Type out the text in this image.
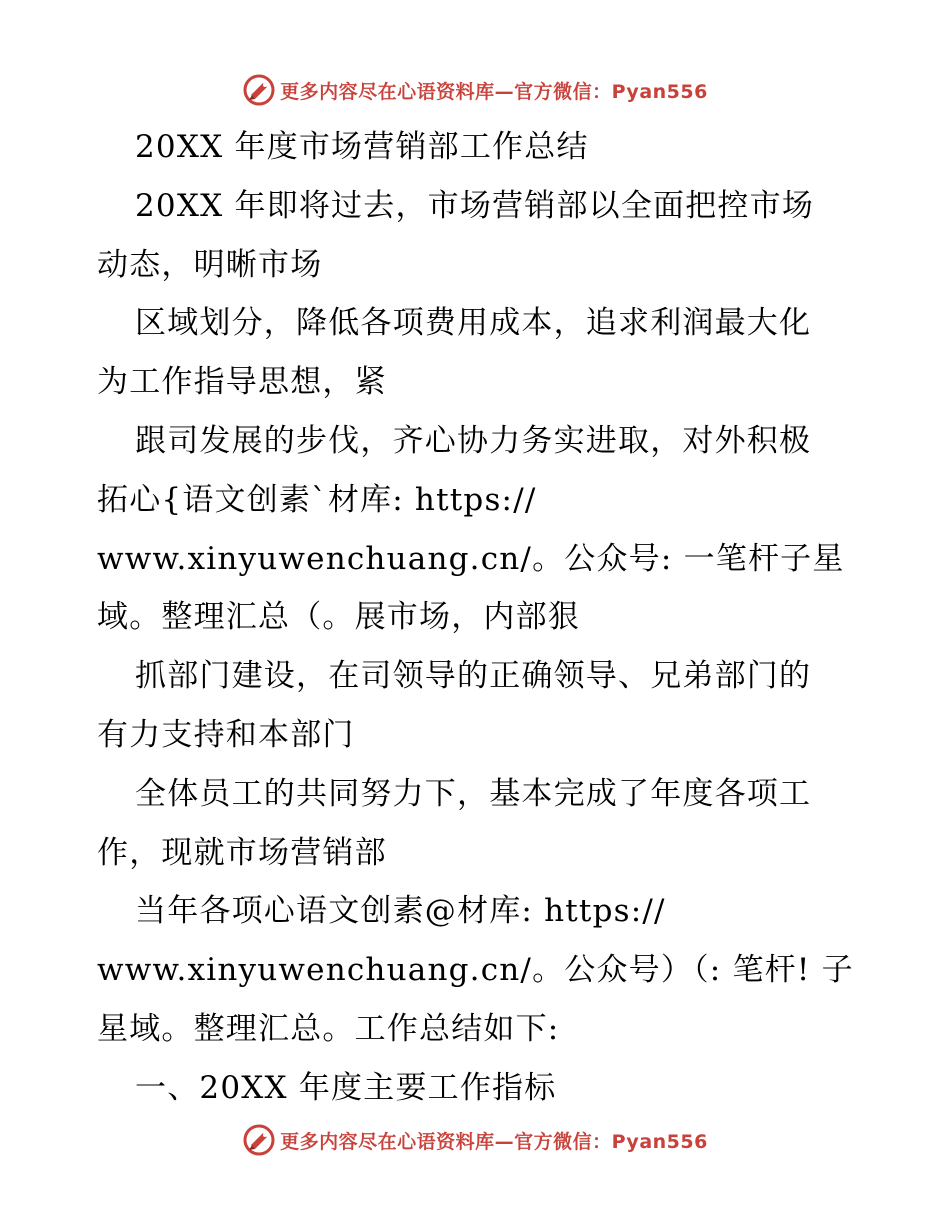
更多内容尽在心语资料库—官方微信：Pyan556
20XX 年度市场营销部工作总结
20XX 年即将过去，市场营销部以全面把控市场
动态，明晰市场
区域划分，降低各项费用成本，追求利润最大化
为工作指导思想，紧
跟司发展的步伐，齐心协力务实进取，对外积极
拓心{语文创素`材库: https://
www.xinyuwenchuang.cn/。公众号: 一笔杆子星
域。整理汇总（。展市场，内部狠
抓部门建设，在司领导的正确领导、兄弟部门的
有力支持和本部门
全体员工的共同努力下，基本完成了年度各项工
作，现就市场营销部
当年各项心语文创素@材库: https://
www.xinyuwenchuang.cn/。公众号）（: 笔杆! 子
星域。整理汇总。工作总结如下:
一、20XX 年度主要工作指标
更多内容尽在心语资料库—官方微信：Pyan556
